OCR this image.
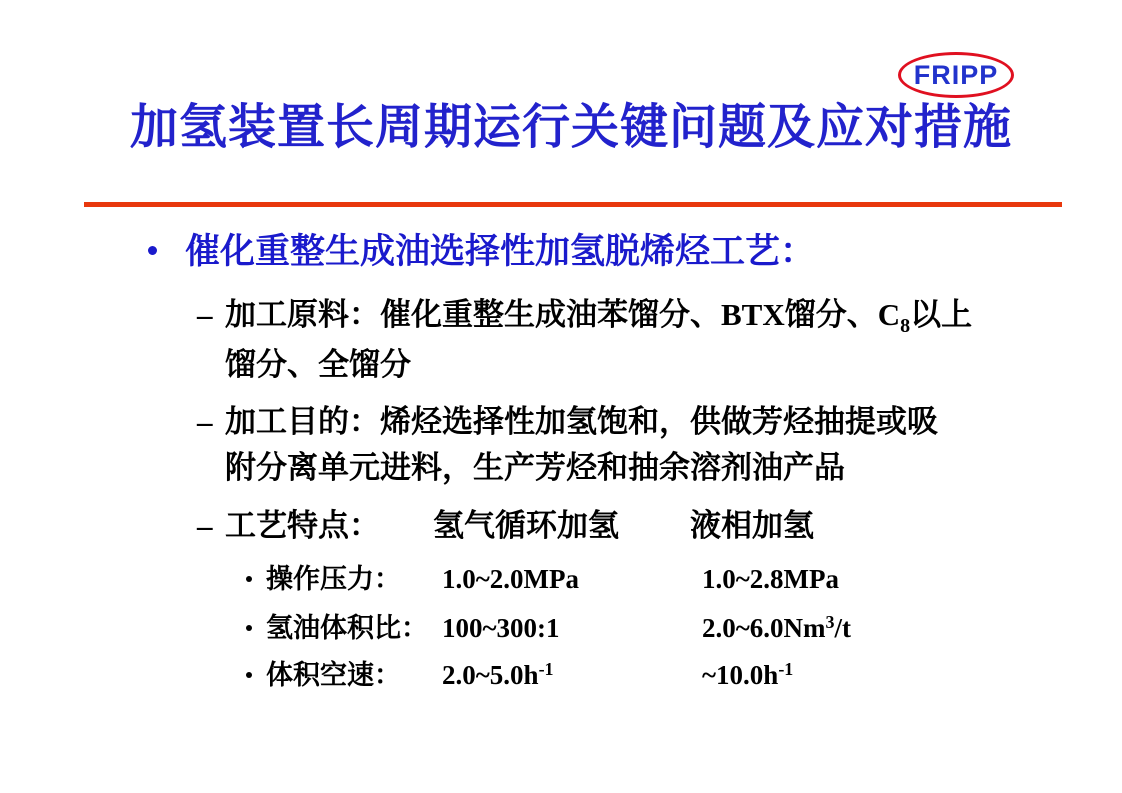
FRIPP
加氢装置长周期运行关键问题及应对措施
催化重整生成油选择性加氢脱烯烃工艺：
– 加工原料：催化重整生成油苯馏分、BTX馏分、$C_8$以上
馏分、全馏分
– 加工目的：烯烃选择性加氢饱和，供做芳烃抽提或吸
附分离单元进料，生产芳烃和抽余溶剂油产品
– 工艺特点： 氢气循环加氢 液相加氢
操作压力： 1.0~2.0MPa	1.0~2.8MPa
氢油体积比： 100~300:1	2.0~6.0Nm$^3$/t
体积空速： $2.0\sim 5.0h^{-1}$	$\sim 10.0h^{-1}$
